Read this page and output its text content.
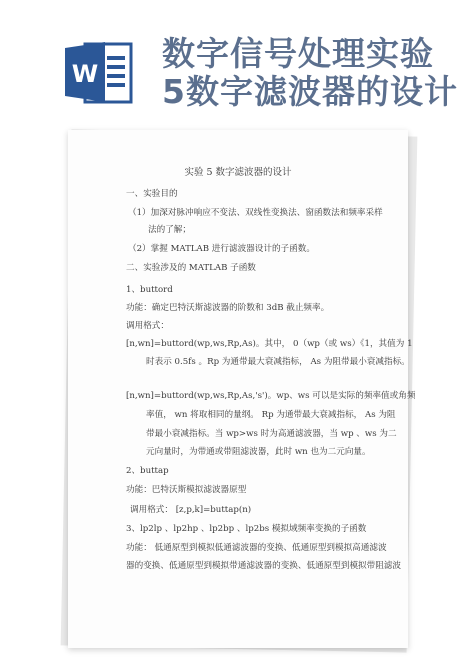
W
数字信号处理实验
5数字滤波器的设计
实验 5 数字滤波器的设计
一、实验目的
（1）加深对脉冲响应不变法、双线性变换法、窗函数法和频率采样
法的了解；
（2）掌握 MATLAB 进行滤波器设计的子函数。
二、实验涉及的 MATLAB 子函数
1、buttord
功能：确定巴特沃斯滤波器的阶数和 3dB 截止频率。
调用格式：
[n,wn]=buttord(wp,ws,Rp,As)。其中， 0（wp（或 ws）《1，其值为 1
时表示 0.5fs 。Rp 为通带最大衰减指标， As 为阻带最小衰减指标。
[n,wn]=buttord(wp,ws,Rp,As,'s')。wp、ws 可以是实际的频率值或角频
率值， wn 将取相同的量纲。 Rp 为通带最大衰减指标， As 为阻
带最小衰减指标。当 wp>ws 时为高通滤波器，当 wp 、ws 为二
元向量时，为带通或带阻滤波器，此时 wn 也为二元向量。
2、buttap
功能：巴特沃斯模拟滤波器原型
调用格式： [z,p,k]=buttap(n)
3、lp2lp 、lp2hp 、lp2bp 、lp2bs 模拟域频率变换的子函数
功能： 低通原型到模拟低通滤波器的变换、低通原型到模拟高通滤波
器的变换、低通原型到模拟带通滤波器的变换、低通原型到模拟带阻滤波
